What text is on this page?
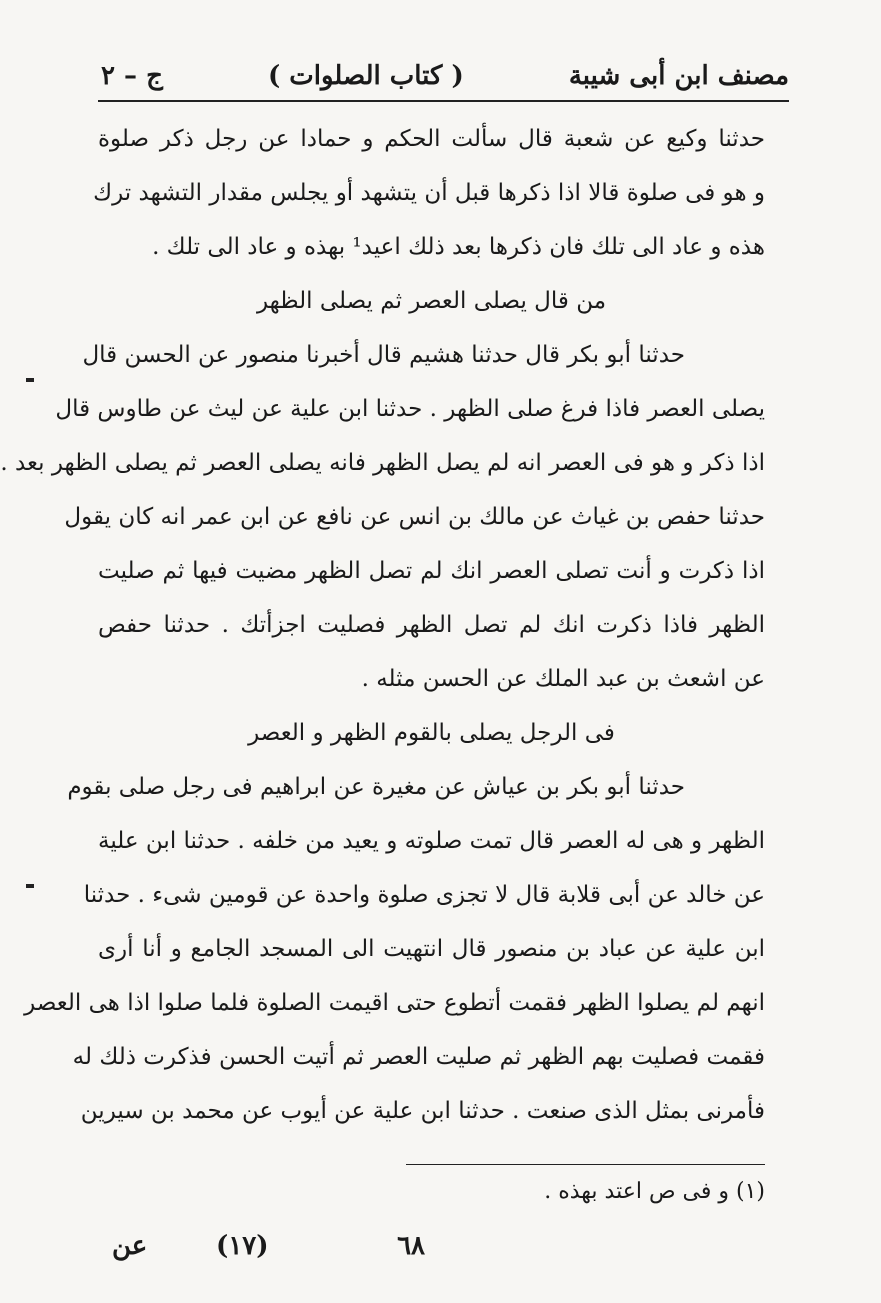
مصنف ابن أبى شيبة
( كتاب الصلوات )
ج – ٢
حدثنا وكيع عن شعبة قال سألت الحكم و حمادا عن رجل ذكر صلوة
و هو فى صلوة قالا اذا ذكرها قبل أن يتشهد أو يجلس مقدار التشهد ترك
هذه و عاد الى تلك فان ذكرها بعد ذلك اعيد¹ بهذه و عاد الى تلك .
من قال يصلى العصر ثم يصلى الظهر
حدثنا أبو بكر قال حدثنا هشيم قال أخبرنا منصور عن الحسن قال
يصلى العصر فاذا فرغ صلى الظهر . حدثنا ابن علية عن ليث عن طاوس قال
اذا ذكر و هو فى العصر انه لم يصل الظهر فانه يصلى العصر ثم يصلى الظهر بعد .
حدثنا حفص بن غياث عن مالك بن انس عن نافع عن ابن عمر انه كان يقول
اذا ذكرت و أنت تصلى العصر انك لم تصل الظهر مضيت فيها ثم صليت
الظهر فاذا ذكرت انك لم تصل الظهر فصليت اجزأتك . حدثنا حفص
عن اشعث بن عبد الملك عن الحسن مثله .
فى الرجل يصلى بالقوم الظهر و العصر
حدثنا أبو بكر بن عياش عن مغيرة عن ابراهيم فى رجل صلى بقوم
الظهر و هى له العصر قال تمت صلوته و يعيد من خلفه . حدثنا ابن علية
عن خالد عن أبى قلابة قال لا تجزى صلوة واحدة عن قومين شىء . حدثنا
ابن علية عن عباد بن منصور قال انتهيت الى المسجد الجامع و أنا أرى
انهم لم يصلوا الظهر فقمت أتطوع حتى اقيمت الصلوة فلما صلوا اذا هى العصر
فقمت فصليت بهم الظهر ثم صليت العصر ثم أتيت الحسن فذكرت ذلك له
فأمرنى بمثل الذى صنعت . حدثنا ابن علية عن أيوب عن محمد بن سيرين
(١) و فى ص اعتد بهذه .
٦٨
(١٧)
عن
